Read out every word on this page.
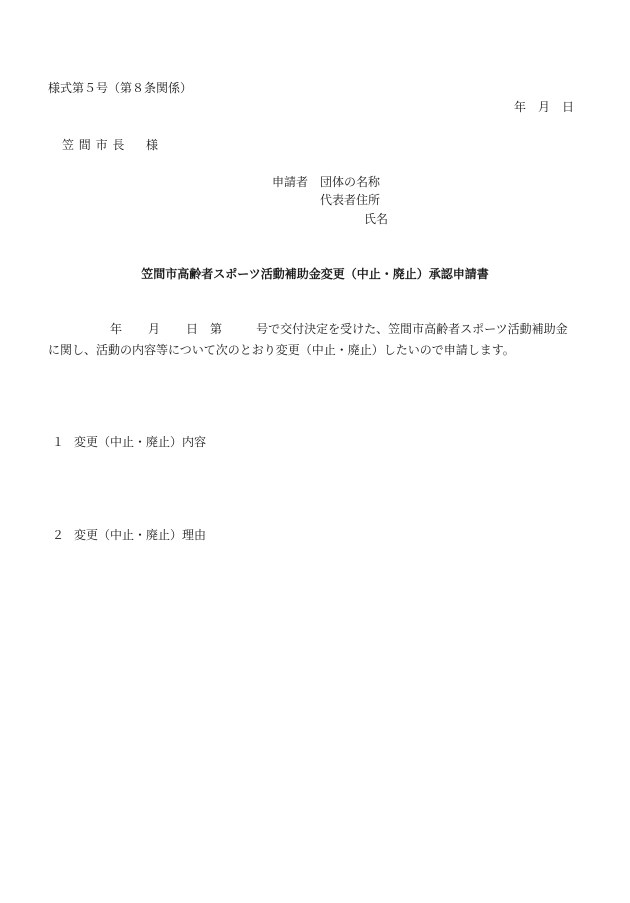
様式第５号（第８条関係）
年　月　日
笠間市長　様
申請者 団体の名称
代表者住所
氏名
笠間市高齢者スポーツ活動補助金変更（中止・廃止）承認申請書
年 月 日 第	号で交付決定を受けた、笠間市高齢者スポーツ活動補助金
に関し、活動の内容等について次のとおり変更（中止・廃止）したいので申請します。
１ 変更（中止・廃止）内容
２ 変更（中止・廃止）理由
